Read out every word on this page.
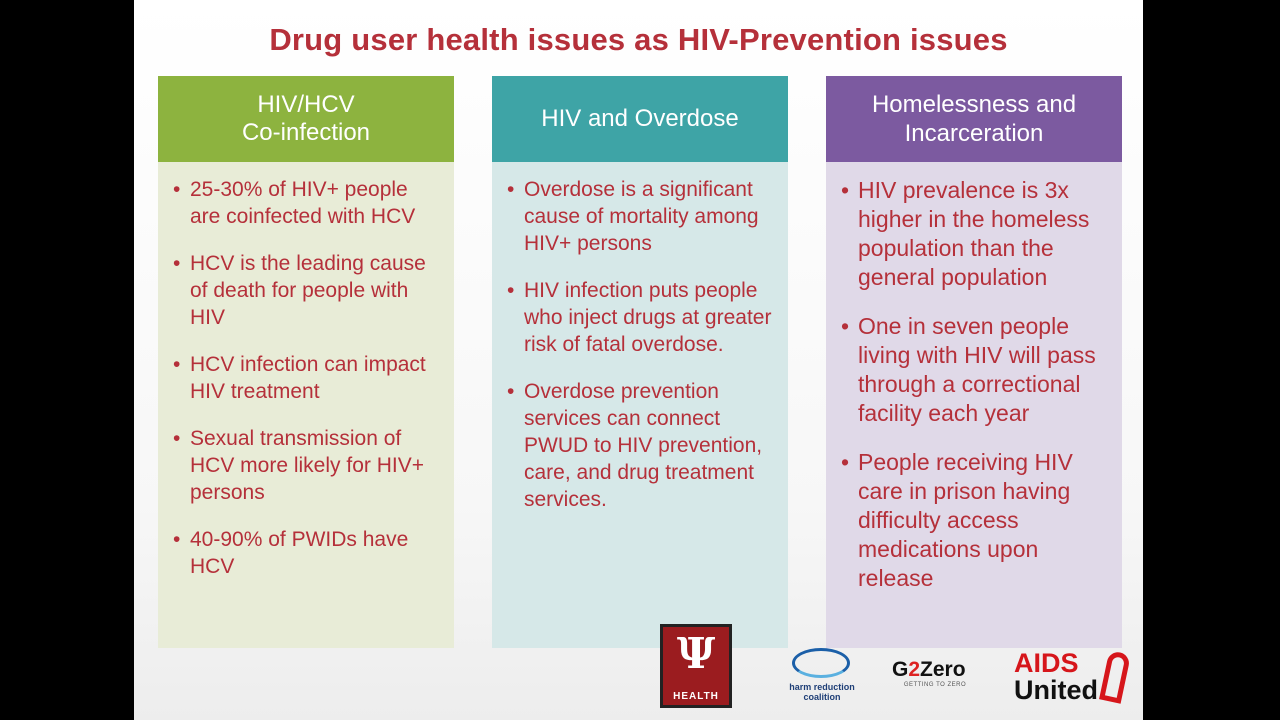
Drug user health issues as HIV-Prevention issues
HIV/HCV
Co-infection
• 25-30% of HIV+ people are coinfected with HCV
• HCV is the leading cause of death for people with HIV
• HCV infection can impact HIV treatment
• Sexual transmission of HCV more likely for HIV+ persons
• 40-90% of PWIDs have HCV
HIV and Overdose
• Overdose is a significant cause of mortality among HIV+ persons
• HIV infection puts people who inject drugs at greater risk of fatal overdose.
• Overdose prevention services can connect PWUD to HIV prevention, care, and drug treatment services.
Homelessness and
Incarceration
• HIV prevalence is 3x higher in the homeless population than the general population
• One in seven people living with HIV will pass through a correctional facility each year
• People receiving HIV care in prison having difficulty access medications upon release
Ψ
HEALTH
harm reduction coalition
G2Zero
GETTING TO ZERO
AIDS
United
